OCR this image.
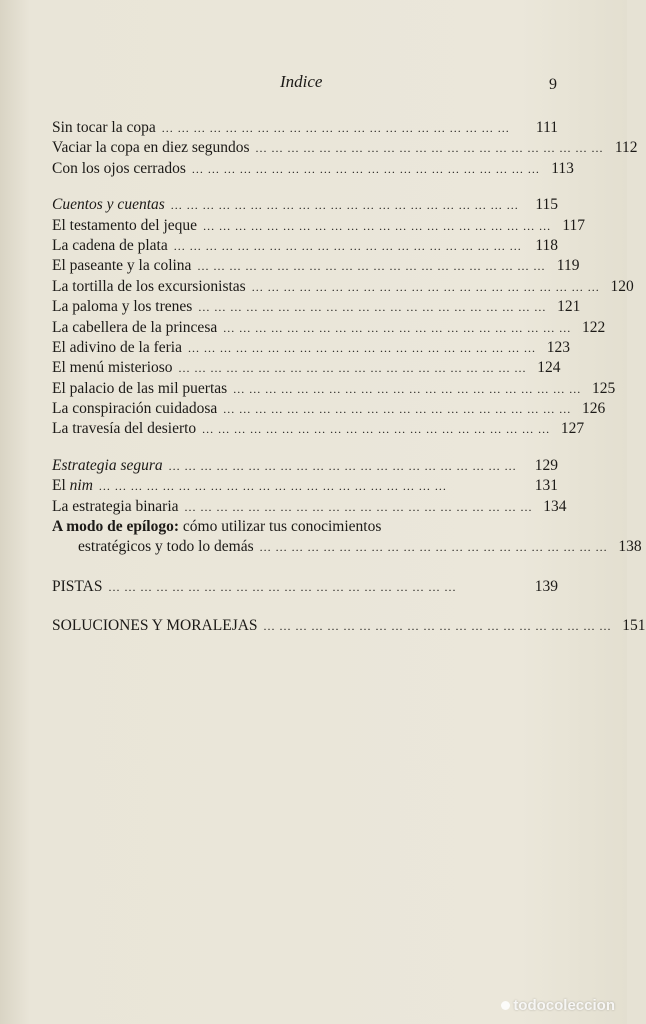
Indice	9
Sin tocar la copa ... ... ... ... ... ... ... ... ... ... ... ... ... ... ... ... ... ... ... ... ... ...	111
Vaciar la copa en diez segundos ... ... ... ... ... ... ... ... ... ... ... ... ... ... ... ... ... ... ... ... ... ... 112
Con los ojos cerrados ... ... ... ... ... ... ... ... ... ... ... ... ... ... ... ... ... ... ... ... ... ... 113
Cuentos y cuentas ... ... ... ... ... ... ... ... ... ... ... ... ... ... ... ... ... ... ... ... ... ...	115
El testamento del jeque ... ... ... ... ... ... ... ... ... ... ... ... ... ... ... ... ... ... ... ... ... ... 117
La cadena de plata ... ... ... ... ... ... ... ... ... ... ... ... ... ... ... ... ... ... ... ... ... ... 118
El paseante y la colina ... ... ... ... ... ... ... ... ... ... ... ... ... ... ... ... ... ... ... ... ... ... 119
La tortilla de los excursionistas ... ... ... ... ... ... ... ... ... ... ... ... ... ... ... ... ... ... ... ... ... ... 120
La paloma y los trenes ... ... ... ... ... ... ... ... ... ... ... ... ... ... ... ... ... ... ... ... ... ... 121
La cabellera de la princesa ... ... ... ... ... ... ... ... ... ... ... ... ... ... ... ... ... ... ... ... ... ... 122
El adivino de la feria ... ... ... ... ... ... ... ... ... ... ... ... ... ... ... ... ... ... ... ... ... ... 123
El menú misterioso ... ... ... ... ... ... ... ... ... ... ... ... ... ... ... ... ... ... ... ... ... ... 124
El palacio de las mil puertas ... ... ... ... ... ... ... ... ... ... ... ... ... ... ... ... ... ... ... ... ... ... 125
La conspiración cuidadosa ... ... ... ... ... ... ... ... ... ... ... ... ... ... ... ... ... ... ... ... ... ... 126
La travesía del desierto ... ... ... ... ... ... ... ... ... ... ... ... ... ... ... ... ... ... ... ... ... ... 127
Estrategia segura ... ... ... ... ... ... ... ... ... ... ... ... ... ... ... ... ... ... ... ... ... ...	129
El nim ... ... ... ... ... ... ... ... ... ... ... ... ... ... ... ... ... ... ... ... ... ...	131
La estrategia binaria ... ... ... ... ... ... ... ... ... ... ... ... ... ... ... ... ... ... ... ... ... ... 134
A modo de epílogo: cómo utilizar tus conocimientos
estratégicos y todo lo demás ... ... ... ... ... ... ... ... ... ... ... ... ... ... ... ... ... ... ... ... ... ... 138
PISTAS ... ... ... ... ... ... ... ... ... ... ... ... ... ... ... ... ... ... ... ... ... ...	139
SOLUCIONES Y MORALEJAS ... ... ... ... ... ... ... ... ... ... ... ... ... ... ... ... ... ... ... ... ... ... 151
todocoleccion
